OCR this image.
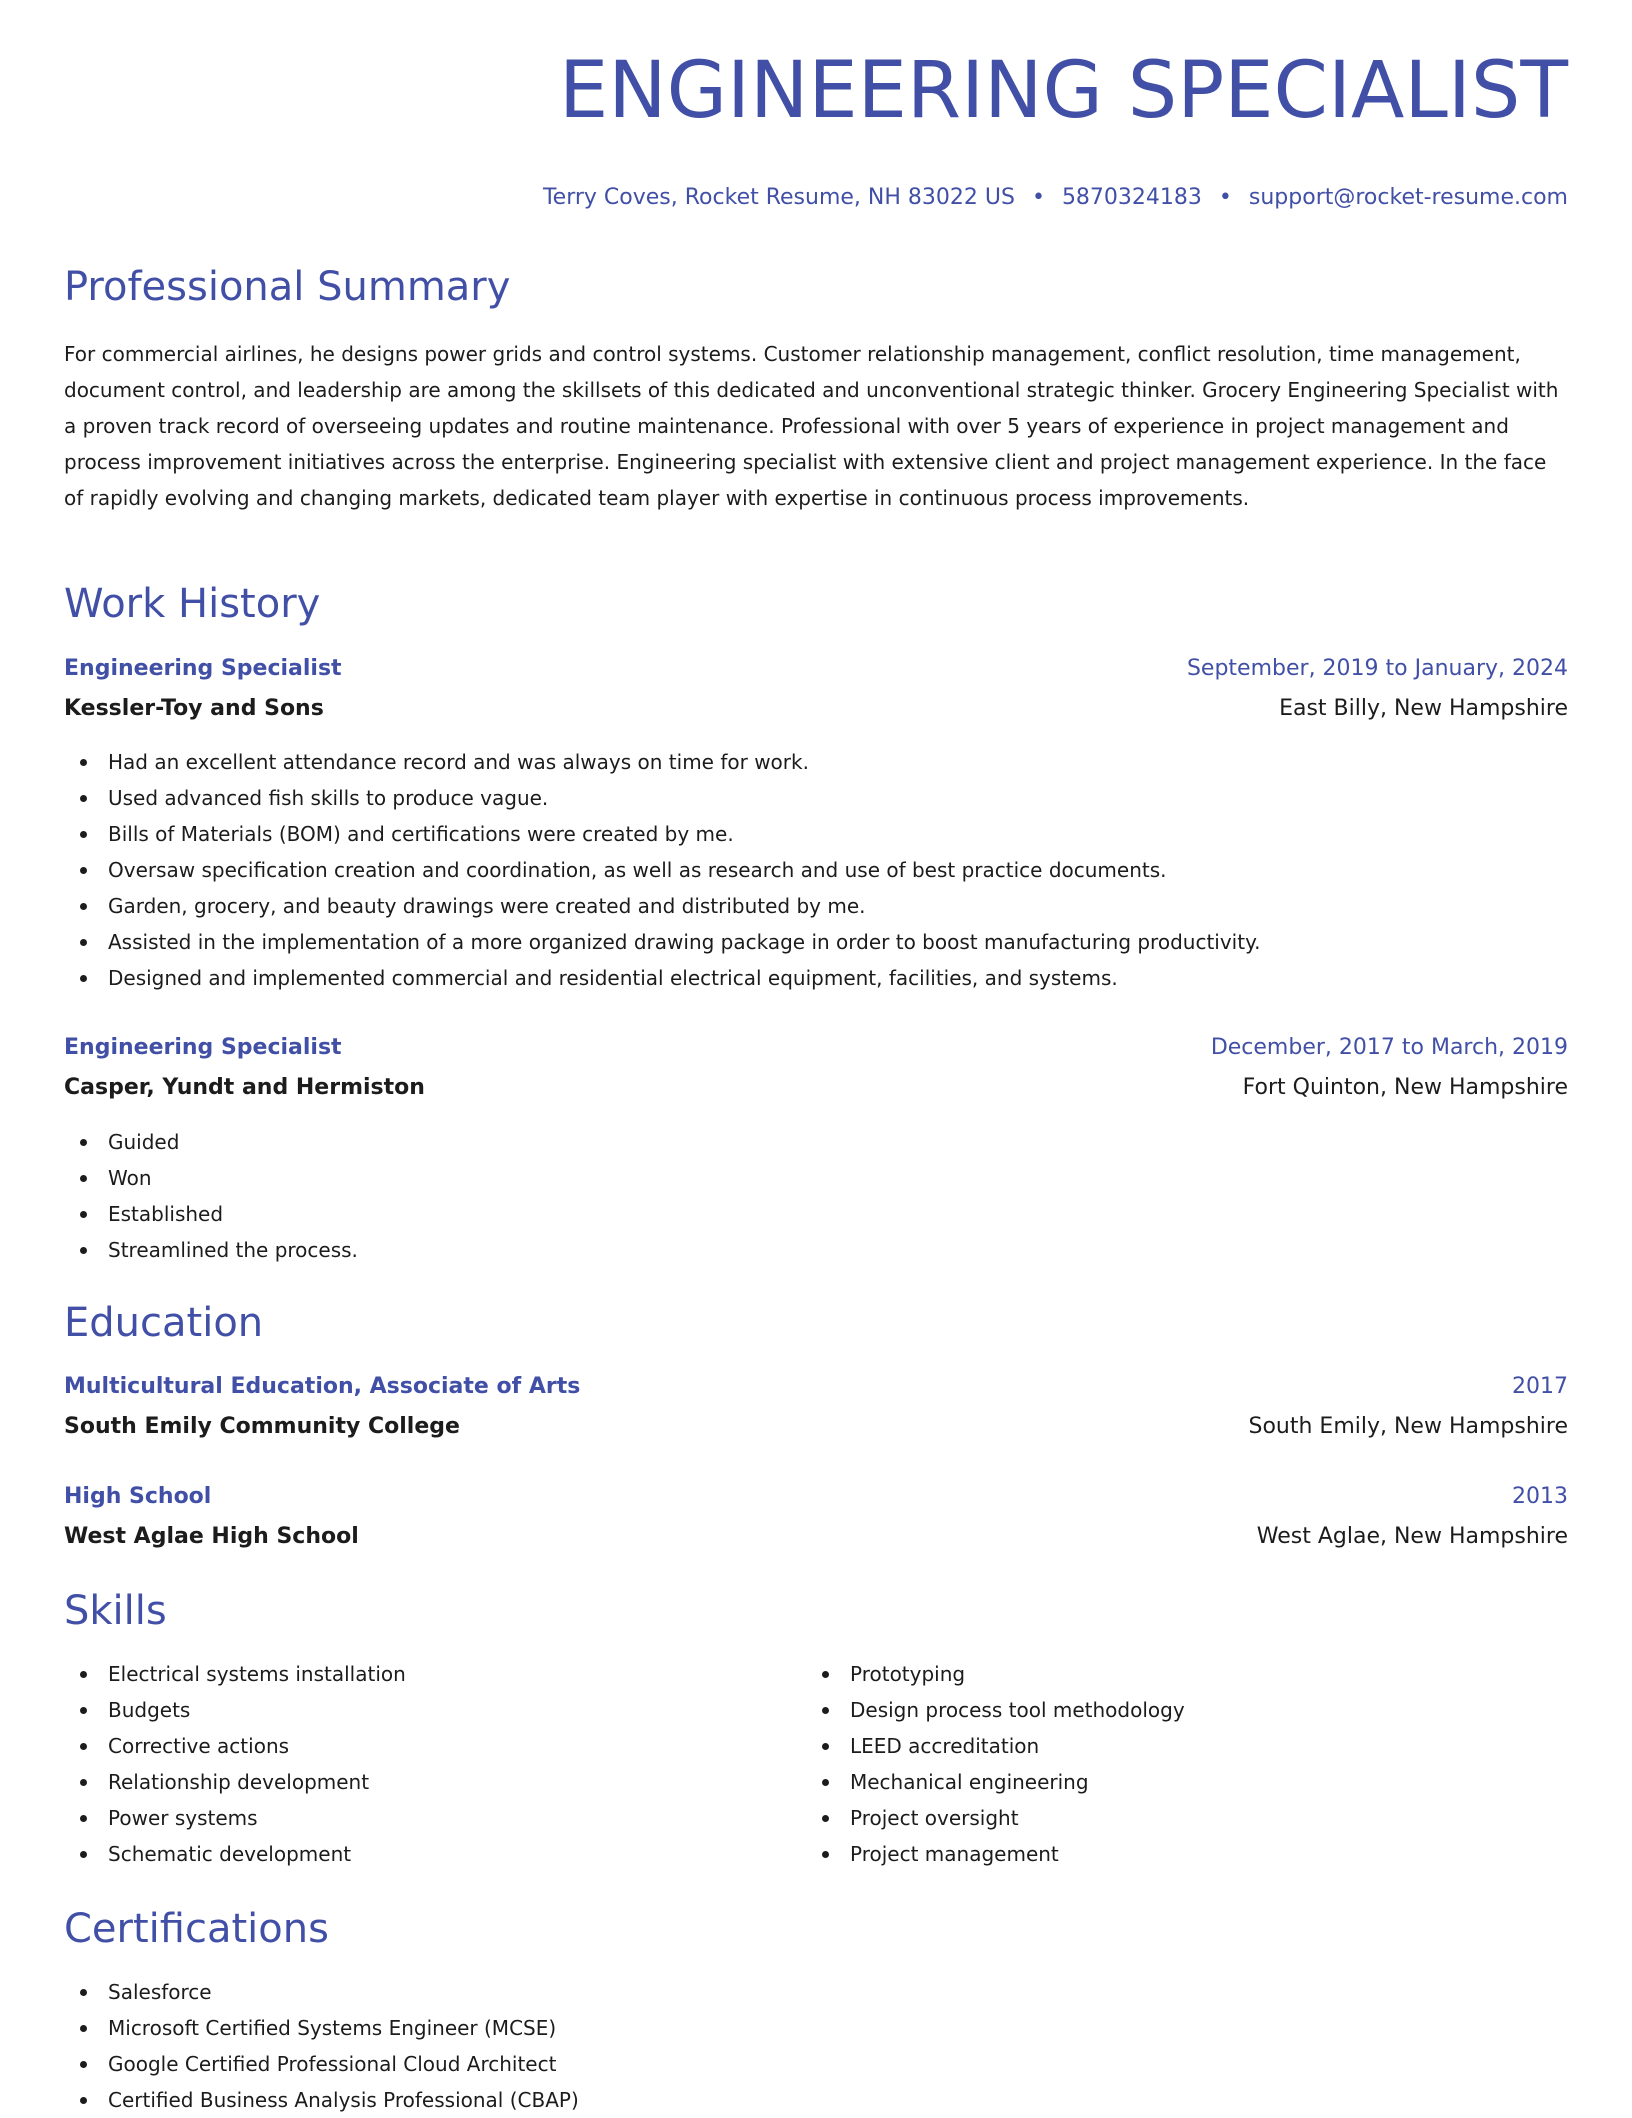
ENGINEERING SPECIALIST
Terry Coves, Rocket Resume, NH 83022 US • 5870324183 • support@rocket-resume.com
Professional Summary

For commercial airlines, he designs power grids and control systems. Customer relationship management, conflict resolution, time management, document control, and leadership are among the skillsets of this dedicated and unconventional strategic thinker. Grocery Engineering Specialist with a proven track record of overseeing updates and routine maintenance. Professional with over 5 years of experience in project management and process improvement initiatives across the enterprise. Engineering specialist with extensive client and project management experience. In the face of rapidly evolving and changing markets, dedicated team player with expertise in continuous process improvements.

Work History
Engineering Specialist	September, 2019 to January, 2024
Kessler-Toy and Sons	East Billy, New Hampshire
Had an excellent attendance record and was always on time for work.
Used advanced fish skills to produce vague.
Bills of Materials (BOM) and certifications were created by me.
Oversaw specification creation and coordination, as well as research and use of best practice documents.
Garden, grocery, and beauty drawings were created and distributed by me.
Assisted in the implementation of a more organized drawing package in order to boost manufacturing productivity.
Designed and implemented commercial and residential electrical equipment, facilities, and systems.
Engineering Specialist	December, 2017 to March, 2019
Casper, Yundt and Hermiston	Fort Quinton, New Hampshire
Guided
Won
Established
Streamlined the process.
Education
Multicultural Education, Associate of Arts	2017
South Emily Community College	South Emily, New Hampshire
High School	2013
West Aglae High School	West Aglae, New Hampshire
Skills
Electrical systems installation
Budgets
Corrective actions
Relationship development
Power systems
Schematic development
Prototyping
Design process tool methodology
LEED accreditation
Mechanical engineering
Project oversight
Project management
Certifications
Salesforce
Microsoft Certified Systems Engineer (MCSE)
Google Certified Professional Cloud Architect
Certified Business Analysis Professional (CBAP)
